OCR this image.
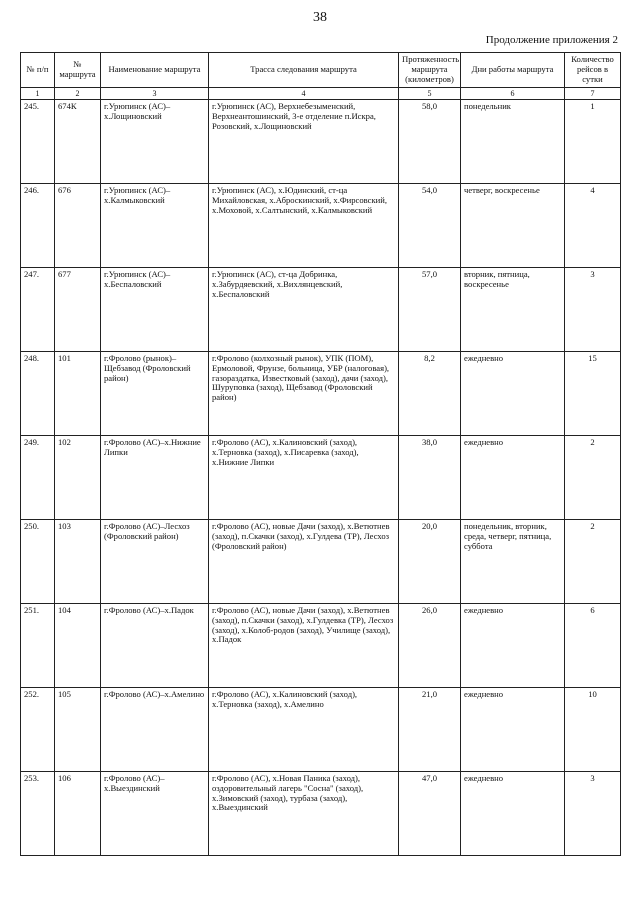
38
Продолжение приложения 2
№ п/п	№ маршрута	Наименование маршрута	Трасса следования маршрута	Протяженность маршрута (километров)	Дни работы маршрута	Количество рейсов в сутки
1	2	3	4	5	6	7
245.	674К	г.Урюпинск (АС)–х.Лощиновский	г.Урюпинск (АС), Верхнебезыменский, Верхнеантошинский, 3-е отделение п.Искра, Розовский, х.Лощиновский	58,0	понедельник	1
246.	676	г.Урюпинск (АС)–х.Калмыковский	г.Урюпинск (АС), х.Юдинский, ст-ца Михайловская, х.Аброскинский, х.Фирсовский, х.Моховой, х.Салтынский, х.Калмыковский	54,0	четверг, воскресенье	4
247.	677	г.Урюпинск (АС)–х.Беспаловский	г.Урюпинск (АС), ст-ца Добринка, х.Забурдяевский, х.Вихлянцевский, х.Беспаловский	57,0	вторник, пятница, воскресенье	3
248.	101	г.Фролово (рынок)–Щебзавод (Фроловский район)	г.Фролово (колхозный рынок), УПК (ПОМ), Ермоловой, Фрунзе, больница, УБР (налоговая), газораздатка, Известковый (заход), дачи (заход), Шуруповка (заход), Щебзавод (Фроловский район)	8,2	ежедневно	15
249.	102	г.Фролово (АС)–х.Нижние Липки	г.Фролово (АС), х.Калиновский (заход), х.Терновка (заход), х.Писаревка (заход), х.Нижние Липки	38,0	ежедневно	2
250.	103	г.Фролово (АС)–Лесхоз (Фроловский район)	г.Фролово (АС), новые Дачи (заход), х.Ветютнев (заход), п.Скачки (заход), х.Гулдева (ТР), Лесхоз (Фроловский район)	20,0	понедельник, вторник, среда, четверг, пятница, суббота	2
251.	104	г.Фролово (АС)–х.Падок	г.Фролово (АС), новые Дачи (заход), х.Ветютнев (заход), п.Скачки (заход), х.Гулдевка (ТР), Лесхоз (заход), х.Колоб-родов (заход), Училище (заход), х.Падок	26,0	ежедневно	6
252.	105	г.Фролово (АС)–х.Амелино	г.Фролово (АС), х.Калиновский (заход), х.Терновка (заход), х.Амелино	21,0	ежедневно	10
253.	106	г.Фролово (АС)–х.Выездинский	г.Фролово (АС), х.Новая Паника (заход), оздоровительный лагерь "Сосна" (заход), х.Зимовский (заход), турбаза (заход), х.Выездинский	47,0	ежедневно	3
